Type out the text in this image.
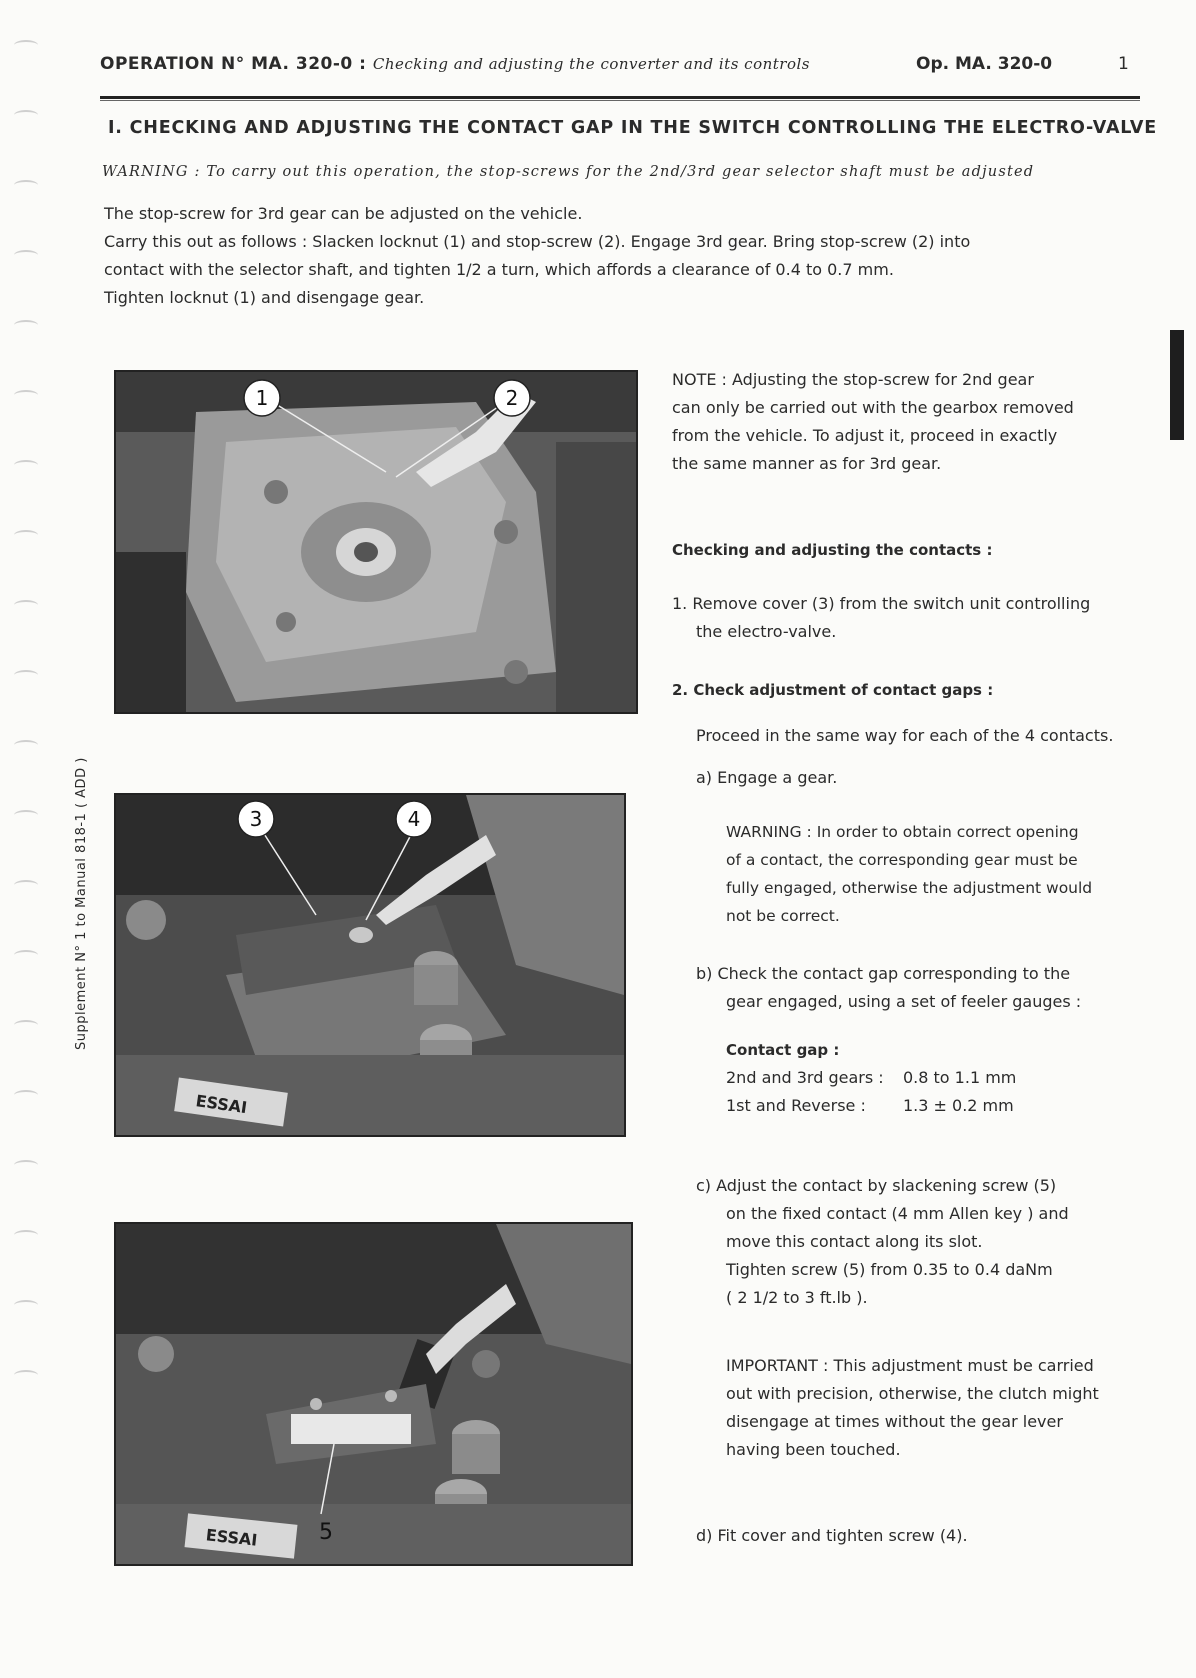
OPERATION N° MA. 320-0 : Checking and adjusting the converter and its controls	Op. MA. 320-0	1
I. CHECKING AND ADJUSTING THE CONTACT GAP IN THE SWITCH CONTROLLING THE ELECTRO-VALVE
WARNING : To carry out this operation, the stop-screws for the 2nd/3rd gear selector shaft must be adjusted
The stop-screw for 3rd gear can be adjusted on the vehicle.
Carry this out as follows : Slacken locknut (1) and stop-screw (2). Engage 3rd gear. Bring stop-screw (2) into
contact with the selector shaft, and tighten 1/2 a turn, which affords a clearance of 0.4 to 0.7 mm.
Tighten locknut (1) and disengage gear.
Supplement N° 1 to Manual 818-1 ( ADD )
1	2
ESSAI
3	4
ESSAI	5
NOTE : Adjusting the stop-screw for 2nd gear
can only be carried out with the gearbox removed
from the vehicle. To adjust it, proceed in exactly
the same manner as for 3rd gear.
Checking and adjusting the contacts :
1. Remove cover (3) from the switch unit controlling
the electro-valve.
2. Check adjustment of contact gaps :
Proceed in the same way for each of the 4 contacts.
a) Engage a gear.
WARNING : In order to obtain correct opening
of a contact, the corresponding gear must be
fully engaged, otherwise the adjustment would
not be correct.
b) Check the contact gap corresponding to the
gear engaged, using a set of feeler gauges :
Contact gap :
2nd and 3rd gears : 0.8 to 1.1 mm
1st and Reverse : 1.3 ± 0.2 mm
c) Adjust the contact by slackening screw (5)
on the fixed contact (4 mm Allen key ) and
move this contact along its slot.
Tighten screw (5) from 0.35 to 0.4 daNm
( 2 1/2 to 3 ft.lb ).
IMPORTANT : This adjustment must be carried
out with precision, otherwise, the clutch might
disengage at times without the gear lever
having been touched.
d) Fit cover and tighten screw (4).
